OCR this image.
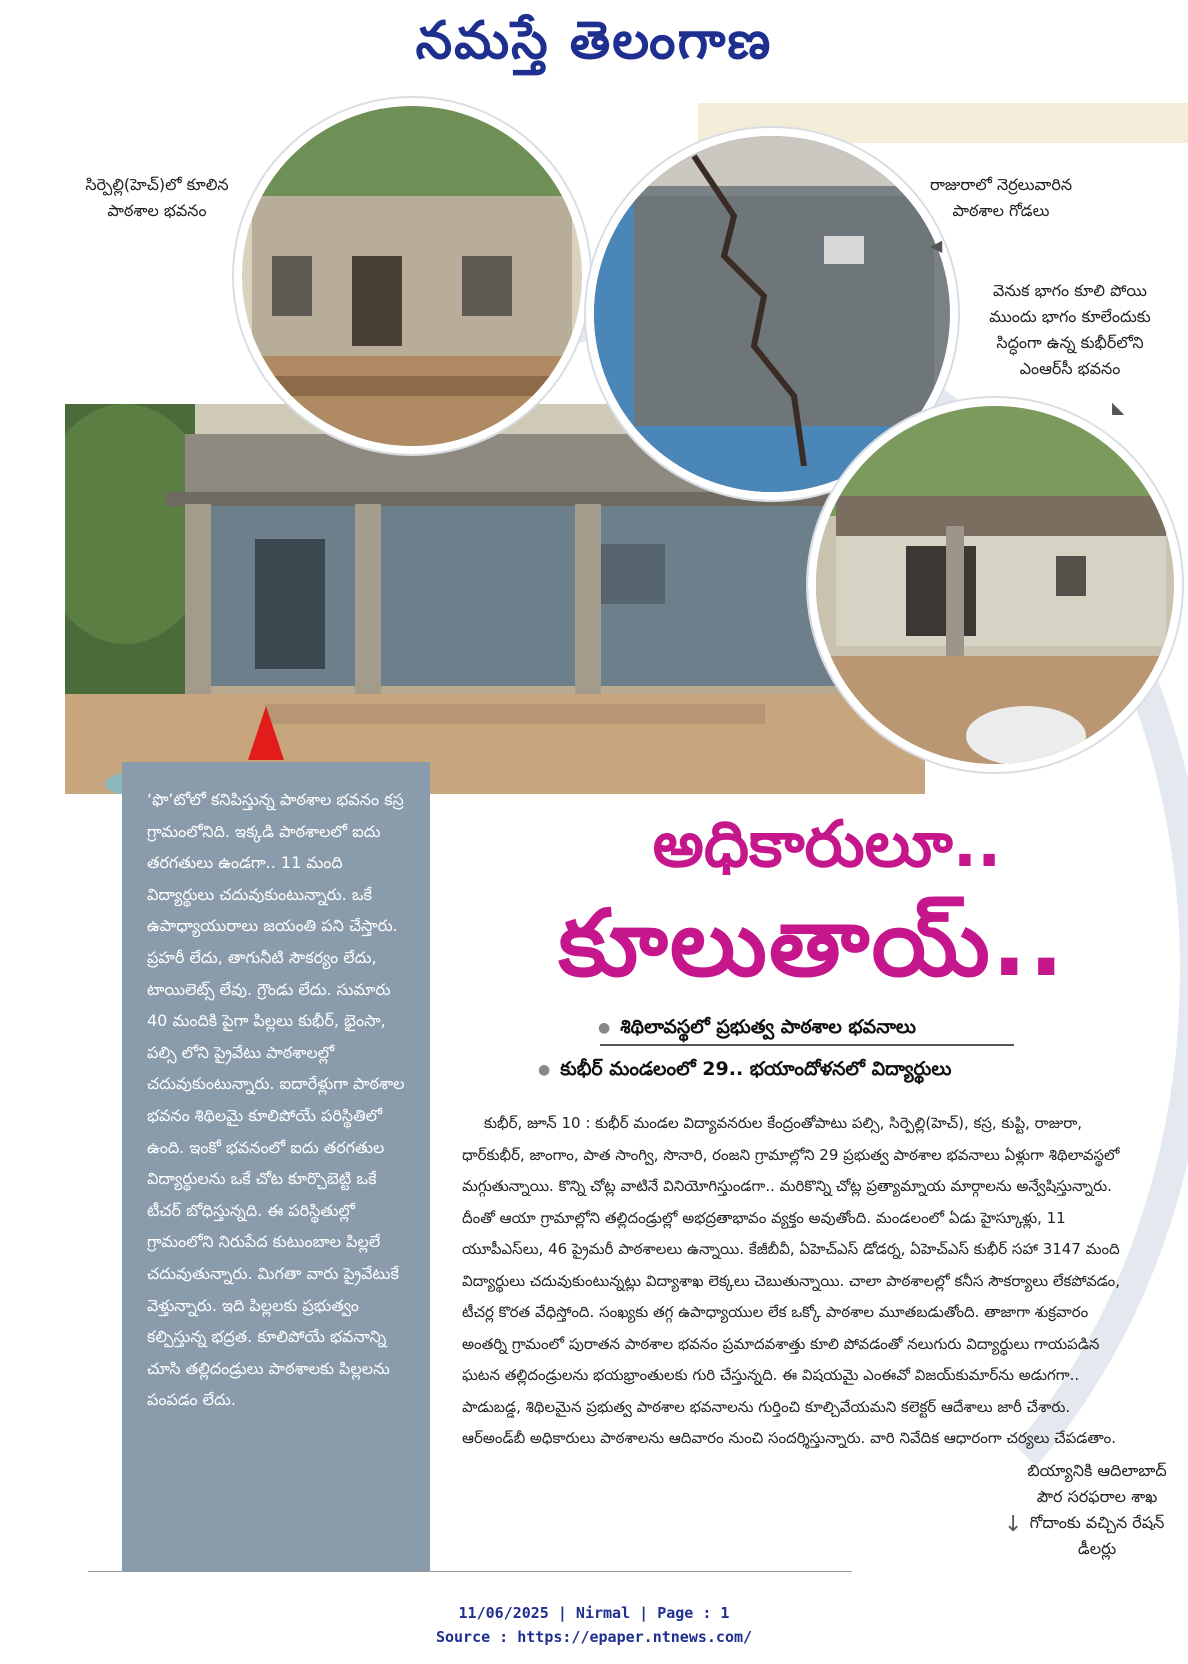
నమస్తే తెలంగాణ
సిర్పెల్లి(హెచ్)లో కూలిన పాఠశాల భవనం
రాజురాలో నెర్రలువారిన పాఠశాల గోడలు
◀
వెనుక భాగం కూలి పోయి ముందు భాగం కూలేందుకు సిద్ధంగా ఉన్న కుభీర్‌లోని ఎంఆర్‌సీ భవనం
◣
‘ఫొ’టోలో కనిపిస్తున్న పాఠశాల భవనం కస్ర గ్రామంలోనిది. ఇక్కడి పాఠశాలలో ఐదు తరగతులు ఉండగా.. 11 మంది విద్యార్థులు చదువుకుంటున్నారు. ఒకే ఉపాధ్యాయురాలు జయంతి పని చేస్తారు. ప్రహరీ లేదు, తాగునీటి సౌకర్యం లేదు, టాయిలెట్స్ లేవు. గ్రౌండు లేదు. సుమారు 40 మందికి పైగా పిల్లలు కుభీర్, భైంసా, పల్సి లోని ప్రైవేటు పాఠశాలల్లో చదువుకుంటున్నారు. ఐదారేళ్లుగా పాఠశాల భవనం శిథిలమై కూలిపోయే పరిస్థితిలో ఉంది. ఇంకో భవనంలో ఐదు తరగతుల విద్యార్థులను ఒకే చోట కూర్చొబెట్టి ఒకే టీచర్ బోధిస్తున్నది. ఈ పరిస్థితుల్లో గ్రామంలోని నిరుపేద కుటుంబాల పిల్లలే చదువుతున్నారు. మిగతా వారు ప్రైవేటుకే వెళ్తున్నారు. ఇది పిల్లలకు ప్రభుత్వం కల్పిస్తున్న భద్రత. కూలిపోయే భవనాన్ని చూసి తల్లిదండ్రులు పాఠశాలకు పిల్లలను పంపడం లేదు.
అధికారులూ..
కూలుతాయ్..
● శిథిలావస్థలో ప్రభుత్వ పాఠశాల భవనాలు
● కుభీర్ మండలంలో 29.. భయాందోళనలో విద్యార్థులు

కుభీర్, జూన్ 10 : కుభీర్ మండల విద్యావనరుల కేంద్రంతోపాటు పల్సి, సిర్పెల్లి(హెచ్), కస్ర, కుప్టి, రాజురా, ధార్‌కుభీర్, జాంగాం, పాత సాంగ్వి, సొనారి, రంజని గ్రామాల్లోని 29 ప్రభుత్వ పాఠశాల భవనాలు ఏళ్లుగా శిథిలావస్థలో మగ్గుతున్నాయి. కొన్ని చోట్ల వాటినే వినియోగిస్తుండగా.. మరికొన్ని చోట్ల ప్రత్యామ్నాయ మార్గాలను అన్వేషిస్తున్నారు. దీంతో ఆయా గ్రామాల్లోని తల్లిదండ్రుల్లో అభద్రతాభావం వ్యక్తం అవుతోంది. మండలంలో ఏడు హైస్కూళ్లు, 11 యూపీఎస్‌లు, 46 ప్రైమరీ పాఠశాలలు ఉన్నాయి. కేజీబీవీ, ఏహెచ్‌ఎస్ డోడర్న, ఏహెచ్‌ఎస్ కుభీర్ సహా 3147 మంది విద్యార్థులు చదువుకుంటున్నట్లు విద్యాశాఖ లెక్కలు చెబుతున్నాయి. చాలా పాఠశాలల్లో కనీస సౌకర్యాలు లేకపోవడం, టీచర్ల కొరత వేధిస్తోంది. సంఖ్యకు తగ్గ ఉపాధ్యాయుల లేక ఒక్కో పాఠశాల మూతబడుతోంది. తాజాగా శుక్రవారం అంతర్ని గ్రామంలో పురాతన పాఠశాల భవనం ప్రమాదవశాత్తు కూలి పోవడంతో నలుగురు విద్యార్థులు గాయపడిన ఘటన తల్లిదండ్రులను భయభ్రాంతులకు గురి చేస్తున్నది. ఈ విషయమై ఎంఈవో విజయ్‌కుమార్‌ను అడుగగా.. పాడుబడ్డ, శిథిలమైన ప్రభుత్వ పాఠశాల భవనాలను గుర్తించి కూల్చివేయమని కలెక్టర్ ఆదేశాలు జారీ చేశారు. ఆర్‌అండ్‌బీ అధికారులు పాఠశాలను ఆదివారం నుంచి సందర్శిస్తున్నారు. వారి నివేదిక ఆధారంగా చర్యలు చేపడతాం.

↓
బియ్యానికి ఆదిలాబాద్ పౌర సరఫరాల శాఖ గోదాంకు వచ్చిన రేషన్ డీలర్లు
11/06/2025 | Nirmal | Page : 1
Source : https://epaper.ntnews.com/
